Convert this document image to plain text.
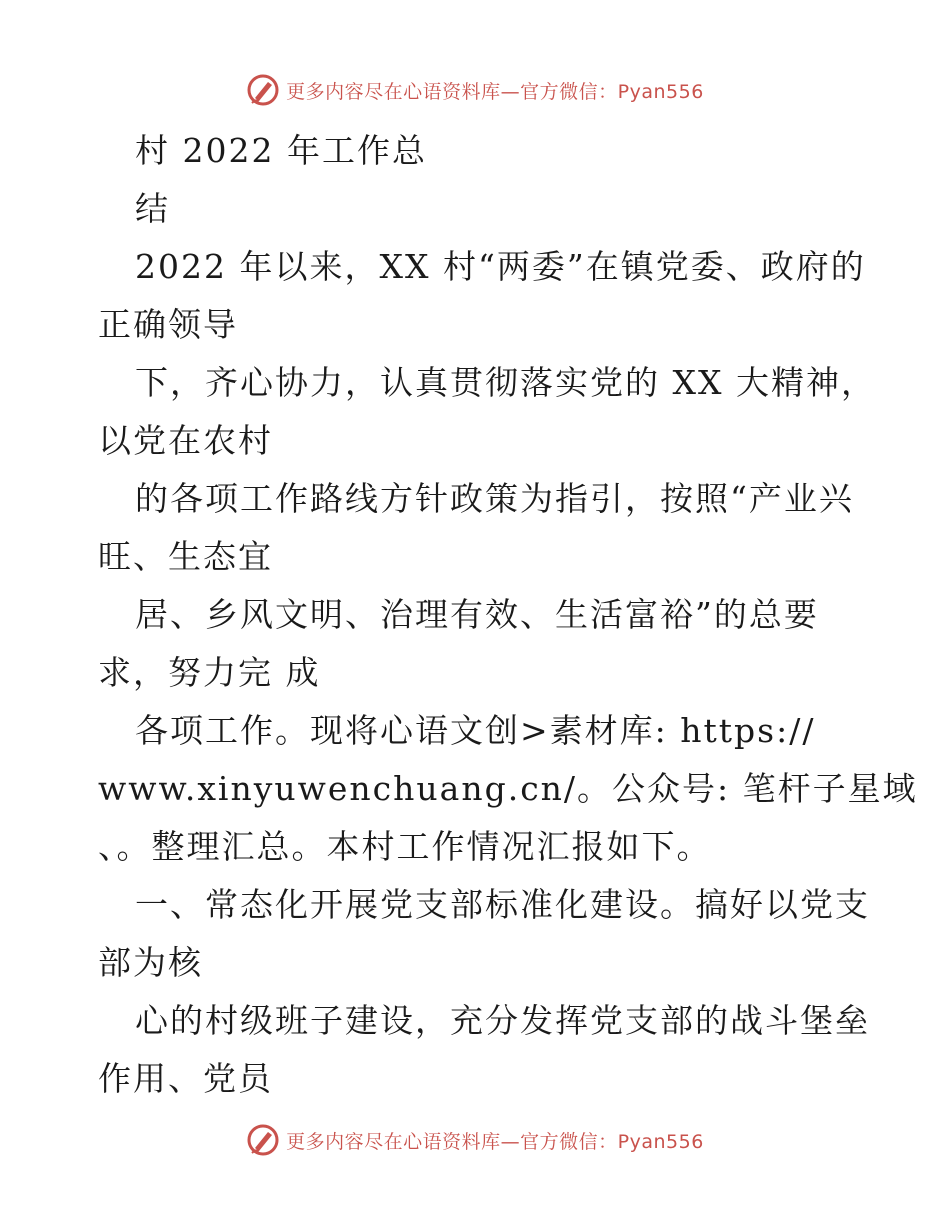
更多内容尽在心语资料库—官方微信：Pyan556
村 2022 年工作总
结
2022 年以来，XX 村“两委”在镇党委、政府的
正确领导
下，齐心协力，认真贯彻落实党的 XX 大精神，
以党在农村
的各项工作路线方针政策为指引，按照“产业兴
旺、生态宜
居、乡风文明、治理有效、生活富裕”的总要
求，努力完 成
各项工作。现将心语文创>素材库: https://
www.xinyuwenchuang.cn/。公众号: 笔杆子星域
、。整理汇总。本村工作情况汇报如下。
一、常态化开展党支部标准化建设。搞好以党支
部为核
心的村级班子建设，充分发挥党支部的战斗堡垒
作用、党员
更多内容尽在心语资料库—官方微信：Pyan556
